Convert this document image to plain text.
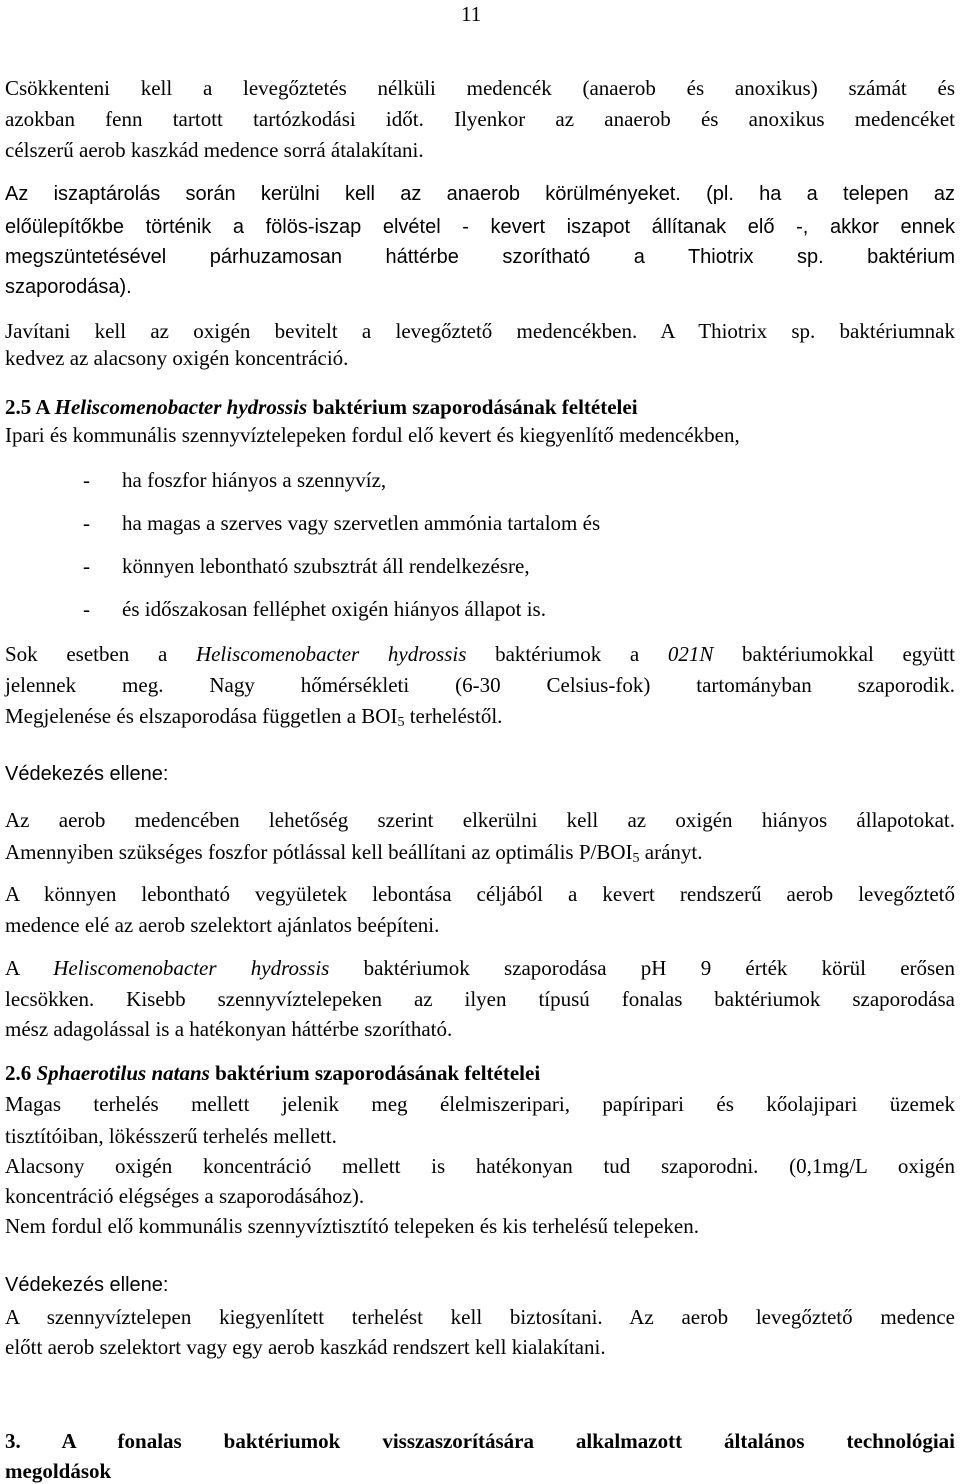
11
Csökkenteni kell a levegőztetés nélküli medencék (anaerob és anoxikus) számát és
azokban fenn tartott tartózkodási időt. Ilyenkor az anaerob és anoxikus medencéket
célszerű aerob kaszkád medence sorrá átalakítani.
Az iszaptárolás során kerülni kell az anaerob körülményeket. (pl. ha a telepen az
előülepítőkbe történik a fölös-iszap elvétel - kevert iszapot állítanak elő -, akkor ennek
megszüntetésével párhuzamosan háttérbe szorítható a Thiotrix sp. baktérium
szaporodása).
Javítani kell az oxigén bevitelt a levegőztető medencékben. A Thiotrix sp. baktériumnak
kedvez az alacsony oxigén koncentráció.
2.5 A Heliscomenobacter hydrossis baktérium szaporodásának feltételei
Ipari és kommunális szennyvíztelepeken fordul elő kevert és kiegyenlítő medencékben,
- ha foszfor hiányos a szennyvíz,
- ha magas a szerves vagy szervetlen ammónia tartalom és
- könnyen lebontható szubsztrát áll rendelkezésre,
- és időszakosan felléphet oxigén hiányos állapot is.
Sok esetben a Heliscomenobacter hydrossis baktériumok a 021N baktériumokkal együtt
jelennek meg. Nagy hőmérsékleti (6-30 Celsius-fok) tartományban szaporodik.
Megjelenése és elszaporodása független a $BOI_5$ terheléstől.
Védekezés ellene:
Az aerob medencében lehetőség szerint elkerülni kell az oxigén hiányos állapotokat.
Amennyiben szükséges foszfor pótlással kell beállítani az optimális $P/BOI_5$ arányt.
A könnyen lebontható vegyületek lebontása céljából a kevert rendszerű aerob levegőztető
medence elé az aerob szelektort ajánlatos beépíteni.
A Heliscomenobacter hydrossis baktériumok szaporodása pH 9 érték körül erősen
lecsökken. Kisebb szennyvíztelepeken az ilyen típusú fonalas baktériumok szaporodása
mész adagolással is a hatékonyan háttérbe szorítható.
2.6 Sphaerotilus natans baktérium szaporodásának feltételei
Magas terhelés mellett jelenik meg élelmiszeripari, papíripari és kőolajipari üzemek
tisztítóiban, lökésszerű terhelés mellett.
Alacsony oxigén koncentráció mellett is hatékonyan tud szaporodni. (0,1mg/L oxigén
koncentráció elégséges a szaporodásához).
Nem fordul elő kommunális szennyvíztisztító telepeken és kis terhelésű telepeken.
Védekezés ellene:
A szennyvíztelepen kiegyenlített terhelést kell biztosítani. Az aerob levegőztető medence
előtt aerob szelektort vagy egy aerob kaszkád rendszert kell kialakítani.
3. A fonalas baktériumok visszaszorítására alkalmazott általános technológiai
megoldások
